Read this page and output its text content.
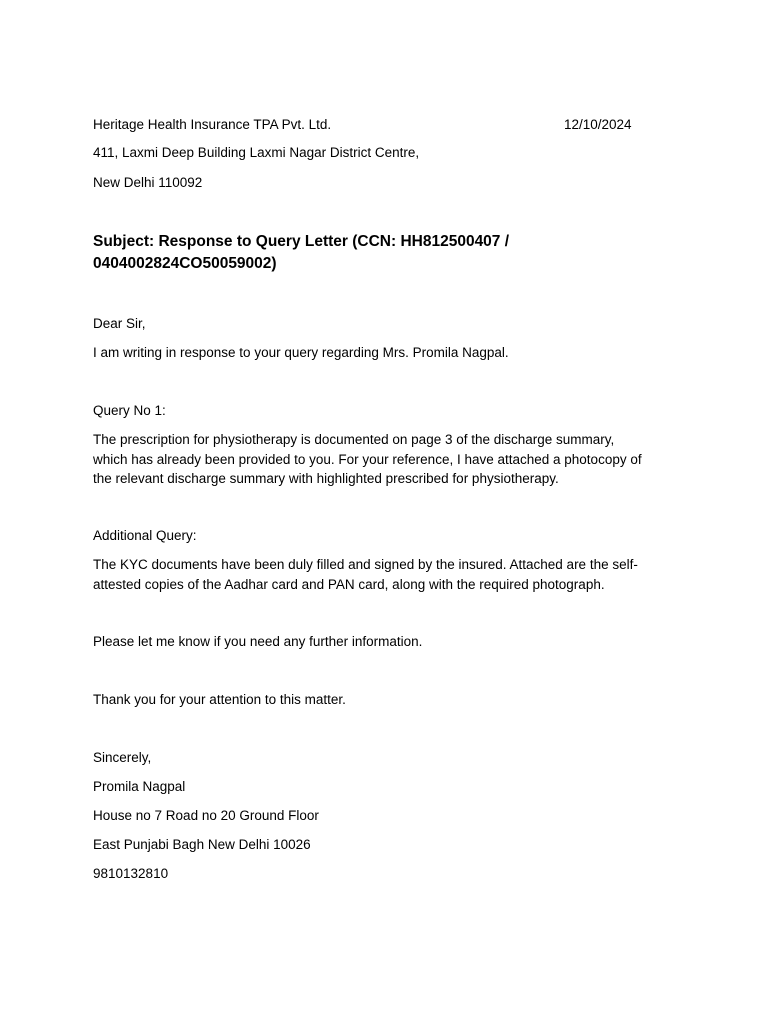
Heritage Health Insurance TPA Pvt. Ltd.	12/10/2024
411, Laxmi Deep Building Laxmi Nagar District Centre,
New Delhi 110092
Subject: Response to Query Letter (CCN: HH812500407 /
0404002824CO50059002)
Dear Sir,
I am writing in response to your query regarding Mrs. Promila Nagpal.
Query No 1:
The prescription for physiotherapy is documented on page 3 of the discharge summary,
which has already been provided to you. For your reference, I have attached a photocopy of
the relevant discharge summary with highlighted prescribed for physiotherapy.
Additional Query:
The KYC documents have been duly filled and signed by the insured. Attached are the self-
attested copies of the Aadhar card and PAN card, along with the required photograph.
Please let me know if you need any further information.
Thank you for your attention to this matter.
Sincerely,
Promila Nagpal
House no 7 Road no 20 Ground Floor
East Punjabi Bagh New Delhi 10026
9810132810
